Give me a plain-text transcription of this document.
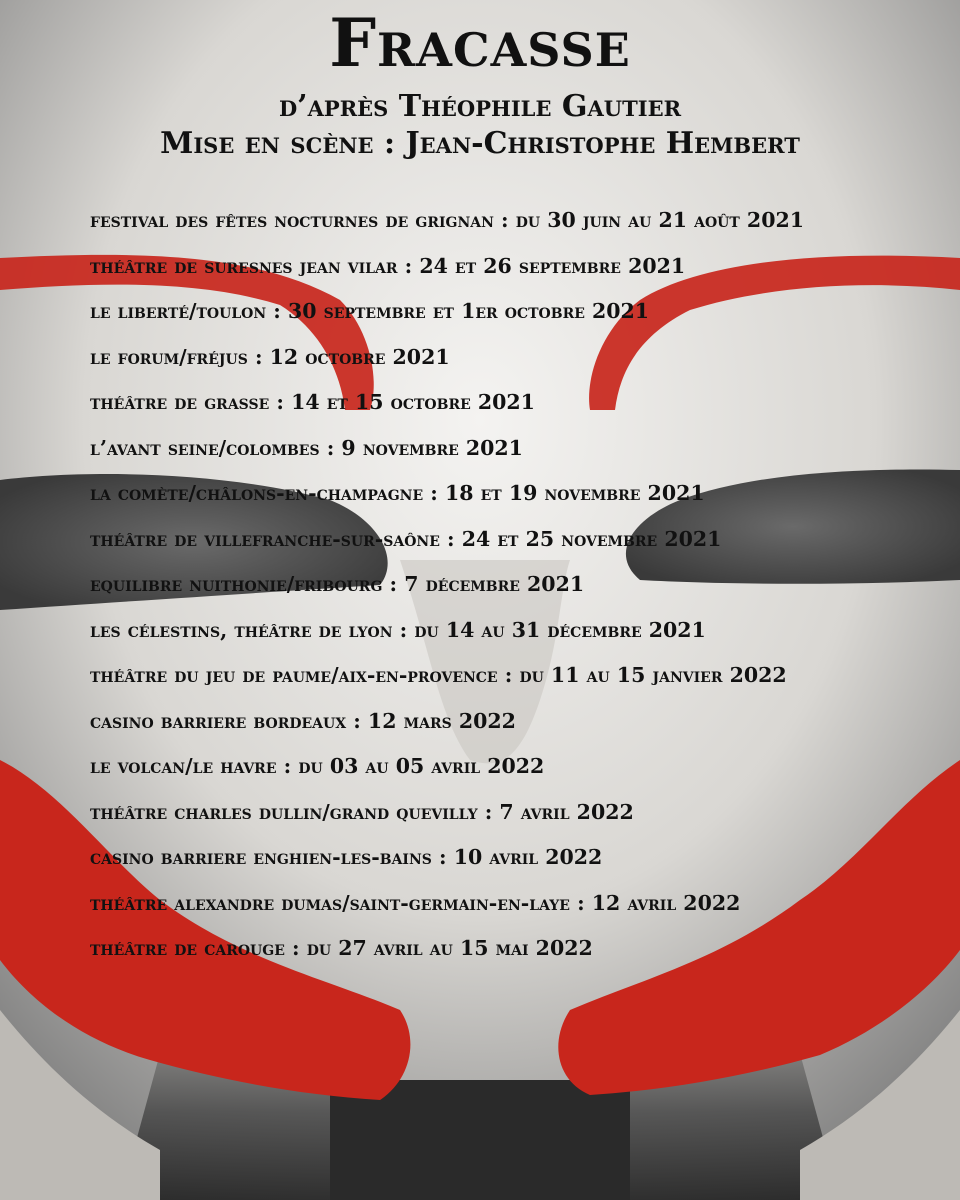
Fracasse
d’après Théophile Gautier
Mise en scène : Jean-Christophe Hembert
festival des fêtes nocturnes de grignan : du 30 juin au 21 août 2021
théâtre de suresnes jean vilar : 24 et 26 septembre 2021
le liberté/toulon : 30 septembre et 1er octobre 2021
le forum/fréjus : 12 octobre 2021
théâtre de grasse : 14 et 15 octobre 2021
l’avant seine/colombes : 9 novembre 2021
la comète/châlons-en-champagne : 18 et 19 novembre 2021
théâtre de villefranche-sur-saône : 24 et 25 novembre 2021
equilibre nuithonie/fribourg : 7 décembre 2021
les célestins, théâtre de lyon : du 14 au 31 décembre 2021
théâtre du jeu de paume/aix-en-provence : du 11 au 15 janvier 2022
casino barriere bordeaux : 12 mars 2022
le volcan/le havre : du 03 au 05 avril 2022
théâtre charles dullin/grand quevilly : 7 avril 2022
casino barriere enghien-les-bains : 10 avril 2022
théâtre alexandre dumas/saint-germain-en-laye : 12 avril 2022
théâtre de carouge : du 27 avril au 15 mai 2022
